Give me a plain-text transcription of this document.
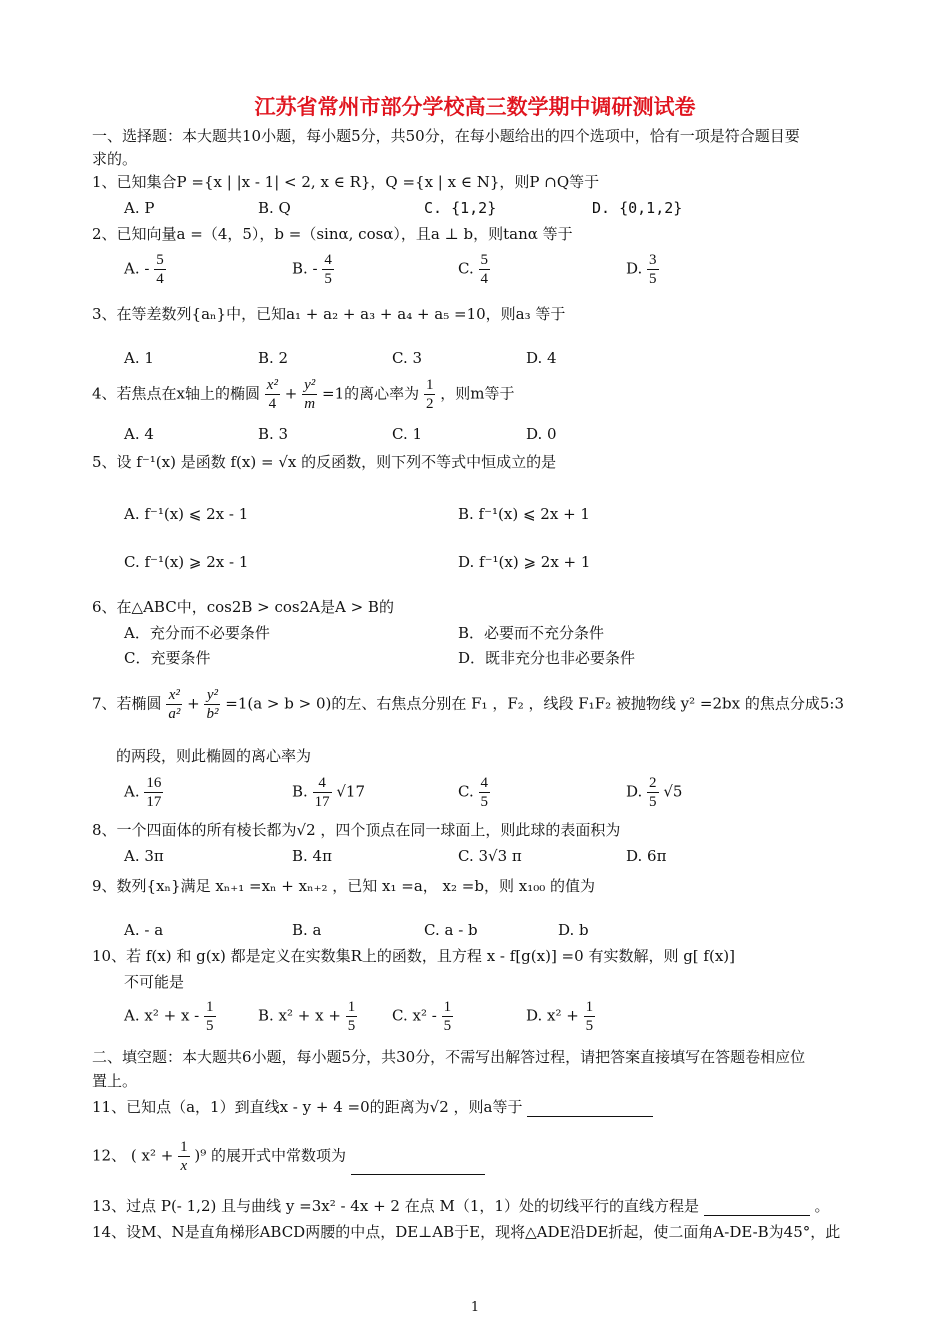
江苏省常州市部分学校高三数学期中调研测试卷
一、选择题：本大题共10小题，每小题5分，共50分，在每小题给出的四个选项中，恰有一项是符合题目要
求的。
1、已知集合P ={x | |x - 1| < 2, x ∈ R}，Q ={x | x ∈ N}，则P ∩Q等于
A. P	B. Q	C. {1,2}	D. {0,1,2}
2、已知向量a =（4，5），b =（sinα, cosα），且a ⊥ b，则tanα 等于
A. - $\frac{5}{4}$	B. - $\frac{4}{5}$	C. $\frac{5}{4}$	D. $\frac{3}{5}$
3、在等差数列{aₙ}中，已知a₁ + a₂ + a₃ + a₄ + a₅ =10，则a₃ 等于
A. 1	B. 2	C. 3	D. 4
4、若焦点在x轴上的椭圆 $\frac{\text{x²}}{4} + \frac{\text{y²}}{m} =1$的离心率为 $\frac{1}{2}$ ，则m等于
A. 4	B. 3	C. 1	D. 0
5、设 f⁻¹(x) 是函数 f(x) = √x 的反函数，则下列不等式中恒成立的是
A. f⁻¹(x) ⩽ 2x - 1	B. f⁻¹(x) ⩽ 2x + 1
C. f⁻¹(x) ⩾ 2x - 1	D. f⁻¹(x) ⩾ 2x + 1
6、在△ABC中，cos2B > cos2A是A > B的
A．充分而不必要条件	B．必要而不充分条件
C．充要条件	D．既非充分也非必要条件
7、若椭圆 $\frac{\text{x²}}{\text{a²}} + \frac{\text{y²}}{\text{b²}} =1(a > b > 0)$的左、右焦点分别在 F₁ ，F₂ ，线段 F₁F₂ 被抛物线 y² =2bx 的焦点分成5:3
的两段，则此椭圆的离心率为
A. $\frac{16}{17}$	B. $\frac{4}{17} √17$	C. $\frac{4}{5}$	D. $\frac{2}{5} √5$
8、一个四面体的所有棱长都为√2 ，四个顶点在同一球面上，则此球的表面积为
A. 3π	B. 4π	C. 3√3 π	D. 6π
9、数列{xₙ}满足 xₙ₊₁ =xₙ + xₙ₊₂ ，已知 x₁ =a， x₂ =b，则 x₁₀₀ 的值为
A. - a	B. a	C. a - b	D. b
10、若 f(x) 和 g(x) 都是定义在实数集R上的函数，且方程 x - f[g(x)] =0 有实数解，则 g[ f(x)]
不可能是
A. $x^2 + x - \frac{1}{5}$	B. $x^2 + x + \frac{1}{5} C$. $x^2 - \frac{1}{5}$	D. $x^2 + \frac{1}{5}$
二、填空题：本大题共6小题，每小题5分，共30分，不需写出解答过程，请把答案直接填写在答题卷相应位
置上。
11、已知点（a，1）到直线x - y + 4 =0的距离为√2 ，则a等于
12、 ( $x^2 + \frac{1}{x} )^9$ 的展开式中常数项为
13、过点 P(- 1,2) 且与曲线 y =3x² - 4x + 2 在点 M（1，1）处的切线平行的直线方程是	。
14、设M、N是直角梯形ABCD两腰的中点，DE⊥AB于E，现将△ADE沿DE折起，使二面角A-DE-B为45°，此
1
